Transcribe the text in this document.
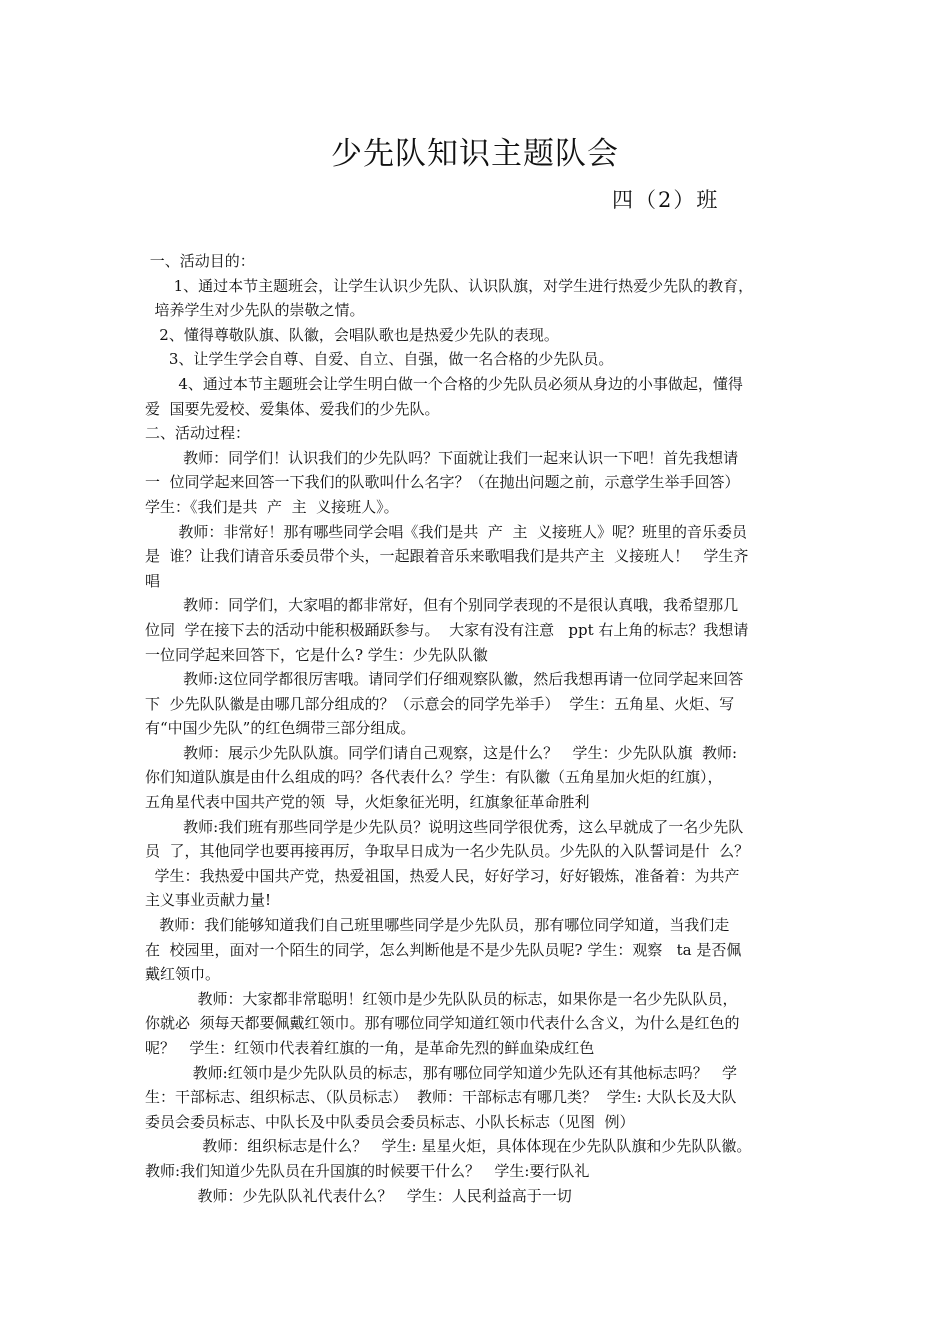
少先队知识主题队会
四（2）班
一、活动目的：
1、通过本节主题班会，让学生认识少先队、认识队旗，对学生进行热爱少先队的教育，
培养学生对少先队的崇敬之情。
2、懂得尊敬队旗、队徽，会唱队歌也是热爱少先队的表现。
3、让学生学会自尊、自爱、自立、自强，做一名合格的少先队员。
4、通过本节主题班会让学生明白做一个合格的少先队员必须从身边的小事做起，懂得
爱  国要先爱校、爱集体、爱我们的少先队。
二、活动过程：
教师：同学们！认识我们的少先队吗？下面就让我们一起来认识一下吧！首先我想请
一  位同学起来回答一下我们的队歌叫什么名字？（在抛出问题之前，示意学生举手回答）
学生：《我们是共  产  主  义接班人》。
教师：非常好！那有哪些同学会唱《我们是共  产  主  义接班人》呢？班里的音乐委员
是  谁？让我们请音乐委员带个头，一起跟着音乐来歌唱我们是共产主  义接班人！   学生齐
唱
教师：同学们，大家唱的都非常好，但有个别同学表现的不是很认真哦，我希望那几
位同  学在接下去的活动中能积极踊跃参与。  大家有没有注意   ppt 右上角的标志？我想请
一位同学起来回答下，它是什么? 学生：少先队队徽
教师:这位同学都很厉害哦。请同学们仔细观察队徽，然后我想再请一位同学起来回答
下  少先队队徽是由哪几部分组成的？（示意会的同学先举手）  学生：五角星、火炬、写
有“中国少先队”的红色绸带三部分组成。
教师：展示少先队队旗。同学们请自己观察，这是什么？   学生：少先队队旗  教师:
你们知道队旗是由什么组成的吗？各代表什么？学生：有队徽（五角星加火炬的红旗），
五角星代表中国共产党的领  导，火炬象征光明，红旗象征革命胜利
教师:我们班有那些同学是少先队员？说明这些同学很优秀，这么早就成了一名少先队
员  了，其他同学也要再接再厉，争取早日成为一名少先队员。少先队的入队誓词是什  么？
学生：我热爱中国共产党，热爱祖国，热爱人民，好好学习，好好锻炼，准备着：为共产
主义事业贡献力量!
教师：我们能够知道我们自己班里哪些同学是少先队员，那有哪位同学知道，当我们走
在  校园里，面对一个陌生的同学，怎么判断他是不是少先队员呢? 学生：观察   ta 是否佩
戴红领巾。
教师：大家都非常聪明！红领巾是少先队队员的标志，如果你是一名少先队队员，
你就必  须每天都要佩戴红领巾。那有哪位同学知道红领巾代表什么含义，为什么是红色的
呢？   学生：红领巾代表着红旗的一角，是革命先烈的鲜血染成红色
教师:红领巾是少先队队员的标志，那有哪位同学知道少先队还有其他标志吗？   学
生：干部标志、组织标志、（队员标志）  教师：干部标志有哪几类？  学生: 大队长及大队
委员会委员标志、中队长及中队委员会委员标志、小队长标志（见图  例）
教师：组织标志是什么？   学生: 星星火炬，具体体现在少先队队旗和少先队队徽。
教师:我们知道少先队员在升国旗的时候要干什么？   学生:要行队礼
教师：少先队队礼代表什么？   学生：人民利益高于一切
